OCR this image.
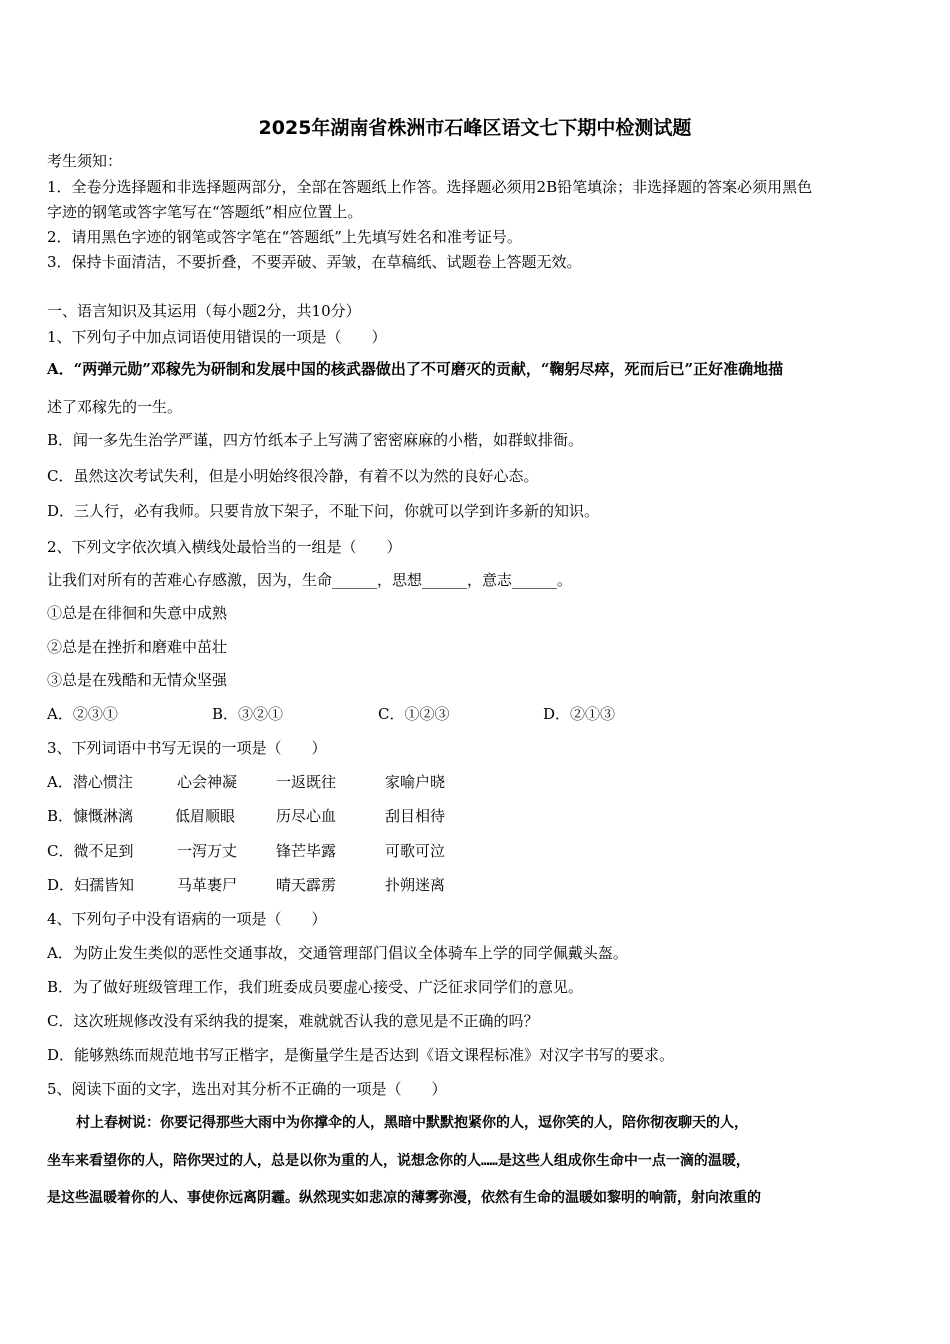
2025年湖南省株洲市石峰区语文七下期中检测试题
考生须知：
1．全卷分选择题和非选择题两部分，全部在答题纸上作答。选择题必须用2B铅笔填涂；非选择题的答案必须用黑色
字迹的钢笔或答字笔写在“答题纸”相应位置上。
2．请用黑色字迹的钢笔或答字笔在“答题纸”上先填写姓名和准考证号。
3．保持卡面清洁，不要折叠，不要弄破、弄皱，在草稿纸、试题卷上答题无效。
一、语言知识及其运用（每小题2分，共10分）
1、下列句子中加点词语使用错误的一项是（　　）
A．“两弹元勋”邓稼先为研制和发展中国的核武器做出了不可磨灭的贡献，“鞠躬尽瘁，死而后已”正好准确地描
述了邓稼先的一生。
B．闻一多先生治学严谨，四方竹纸本子上写满了密密麻麻的小楷，如群蚁排衙。
C．虽然这次考试失利，但是小明始终很冷静，有着不以为然的良好心态。
D．三人行，必有我师。只要肯放下架子，不耻下问，你就可以学到许多新的知识。
2、下列文字依次填入横线处最恰当的一组是（　　）
让我们对所有的苦难心存感激，因为，生命______，思想______，意志______。
①总是在徘徊和失意中成熟
②总是在挫折和磨难中茁壮
③总是在残酷和无情众坚强
A．②③①	B．③②①	C．①②③	D．②①③
3、下列词语中书写无误的一项是（　　）
A．潜心惯注	心会神凝	一返既往	家喻户晓
B．慷慨淋漓	低眉顺眼	历尽心血	刮目相待
C．微不足到	一泻万丈	锋芒毕露	可歌可泣
D．妇孺皆知	马革裹尸	晴天霹雳	扑朔迷离
4、下列句子中没有语病的一项是（　　）
A．为防止发生类似的恶性交通事故，交通管理部门倡议全体骑车上学的同学佩戴头盔。
B．为了做好班级管理工作，我们班委成员要虚心接受、广泛征求同学们的意见。
C．这次班规修改没有采纳我的提案，难就就否认我的意见是不正确的吗？
D．能够熟练而规范地书写正楷字，是衡量学生是否达到《语文课程标准》对汉字书写的要求。
5、阅读下面的文字，选出对其分析不正确的一项是（　　）
村上春树说：你要记得那些大雨中为你撑伞的人，黑暗中默默抱紧你的人，逗你笑的人，陪你彻夜聊天的人，
坐车来看望你的人，陪你哭过的人，总是以你为重的人，说想念你的人……是这些人组成你生命中一点一滴的温暖，
是这些温暖着你的人、事使你远离阴霾。纵然现实如悲凉的薄雾弥漫，依然有生命的温暖如黎明的响箭，射向浓重的
